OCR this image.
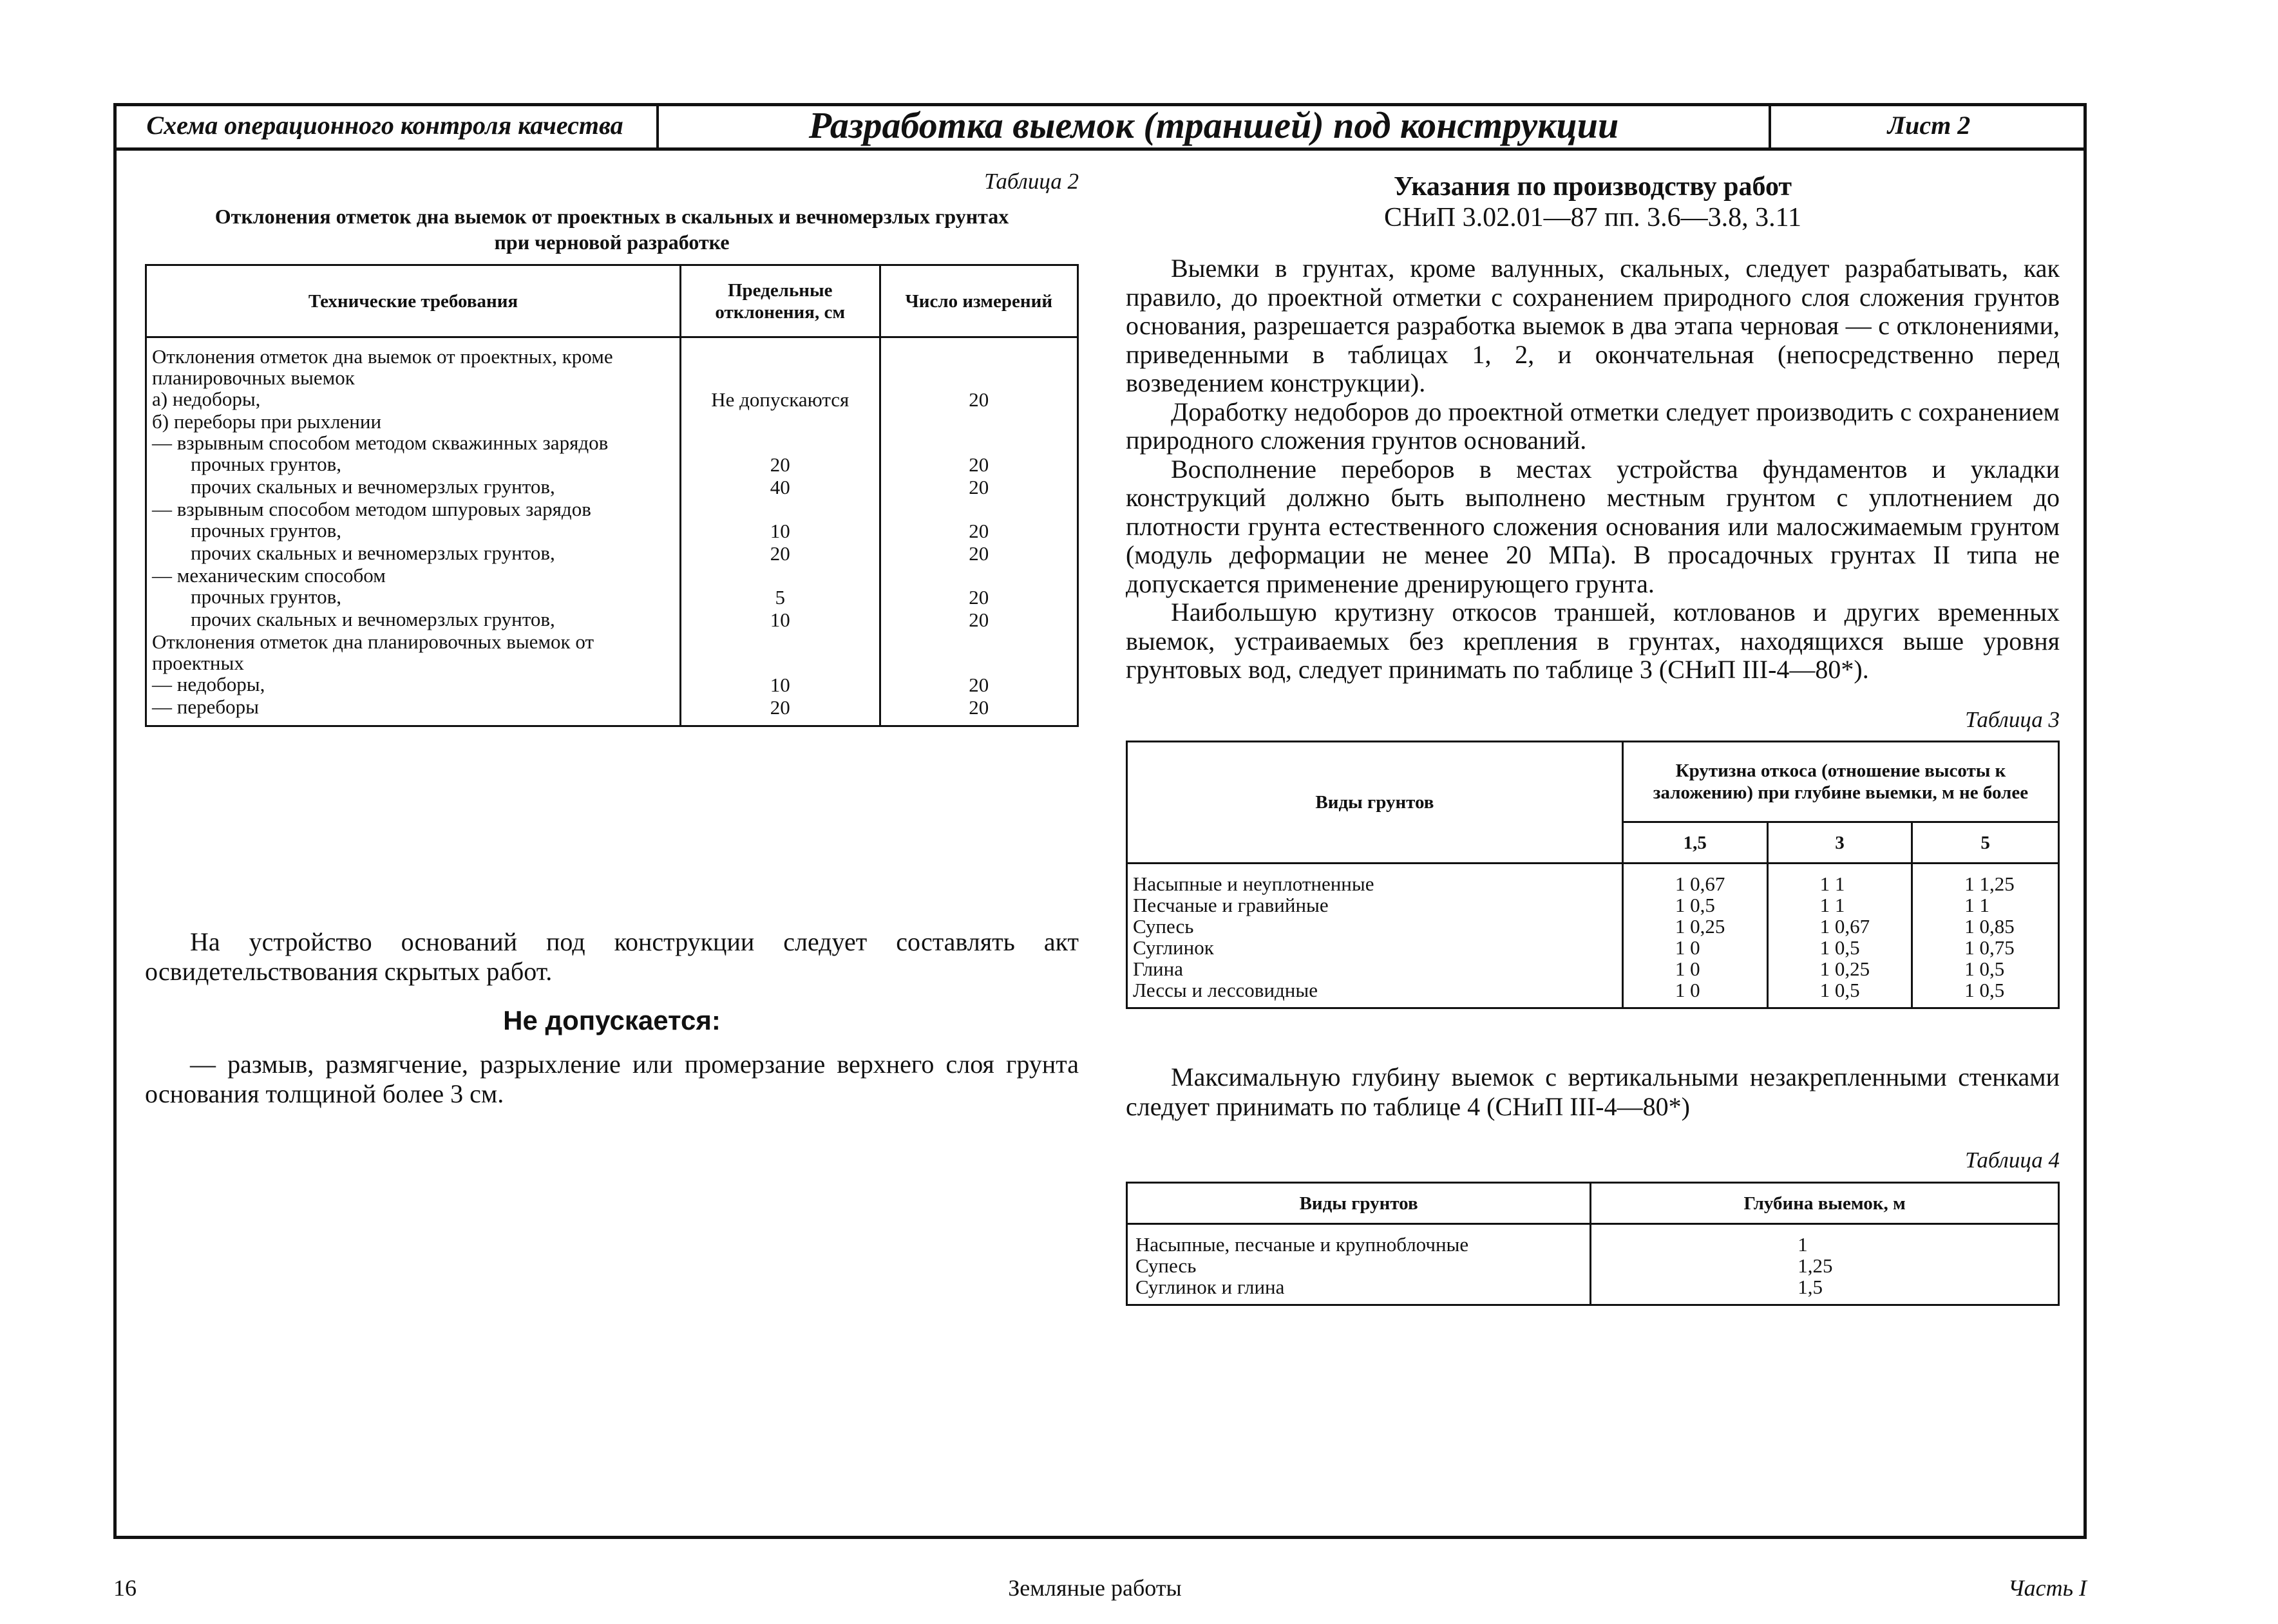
Схема операционного контроля качества	Разработка выемок (траншей) под конструкции	Лист 2
Таблица 2
Отклонения отметок дна выемок от проектных в скальных и вечномерзлых грунтах
при черновой разработке
Технические требования	Предельные отклонения, см	Число измерений
Отклонения отметок дна выемок от проектных, кроме планировочных выемок		
а) недоборы,	Не допускаются	20
б) переборы при рыхлении		
— взрывным способом методом скважинных зарядов		
прочных грунтов,	20	20
прочих скальных и вечномерзлых грунтов,	40	20
— взрывным способом методом шпуровых зарядов		
прочных грунтов,	10	20
прочих скальных и вечномерзлых грунтов,	20	20
— механическим способом		
прочных грунтов,	5	20
прочих скальных и вечномерзлых грунтов,	10	20
Отклонения отметок дна планировочных выемок от проектных		
— недоборы,	10	20
— переборы	20	20

На устройство оснований под конструкции следует составлять акт освидетельствования скрытых работ.

Не допускается:

— размыв, размягчение, разрыхление или промерзание верхнего слоя грунта основания толщиной более 3 см.

Указания по производству работ
СНиП 3.02.01—87 пп. 3.6—3.8, 3.11

Выемки в грунтах, кроме валунных, скальных, следует разрабатывать, как правило, до проектной отметки с сохранением природного слоя сложения грунтов основания, разрешается разработка выемок в два этапа черновая — с отклонениями, приведенными в таблицах 1, 2, и окончательная (непосредственно перед возведением конструкции).

Доработку недоборов до проектной отметки следует производить с сохранением природного сложения грунтов оснований.

Восполнение переборов в местах устройства фундаментов и укладки конструкций должно быть выполнено местным грунтом с уплотнением до плотности грунта естественного сложения основания или малосжимаемым грунтом (модуль деформации не менее 20 МПа). В просадочных грунтах II типа не допускается применение дренирующего грунта.

Наибольшую крутизну откосов траншей, котлованов и других временных выемок, устраиваемых без крепления в грунтах, находящихся выше уровня грунтовых вод, следует принимать по таблице 3 (СНиП III-4—80*).

Таблица 3
Виды грунтов	Крутизна откоса (отношение высоты к заложению) при глубине выемки, м не более		
	1,5	3	5
Насыпные и неуплотненные	1 0,67	1 1	1 1,25
Песчаные и гравийные	1 0,5	1 1	1 1
Супесь	1 0,25	1 0,67	1 0,85
Суглинок	1 0	1 0,5	1 0,75
Глина	1 0	1 0,25	1 0,5
Лессы и лессовидные	1 0	1 0,5	1 0,5

Максимальную глубину выемок с вертикальными незакрепленными стенками следует принимать по таблице 4 (СНиП III-4—80*)

Таблица 4
Виды грунтов	Глубина выемок, м
Насыпные, песчаные и крупноблочные	1
Супесь	1,25
Суглинок и глина	1,5
16	Земляные работы	Часть I
